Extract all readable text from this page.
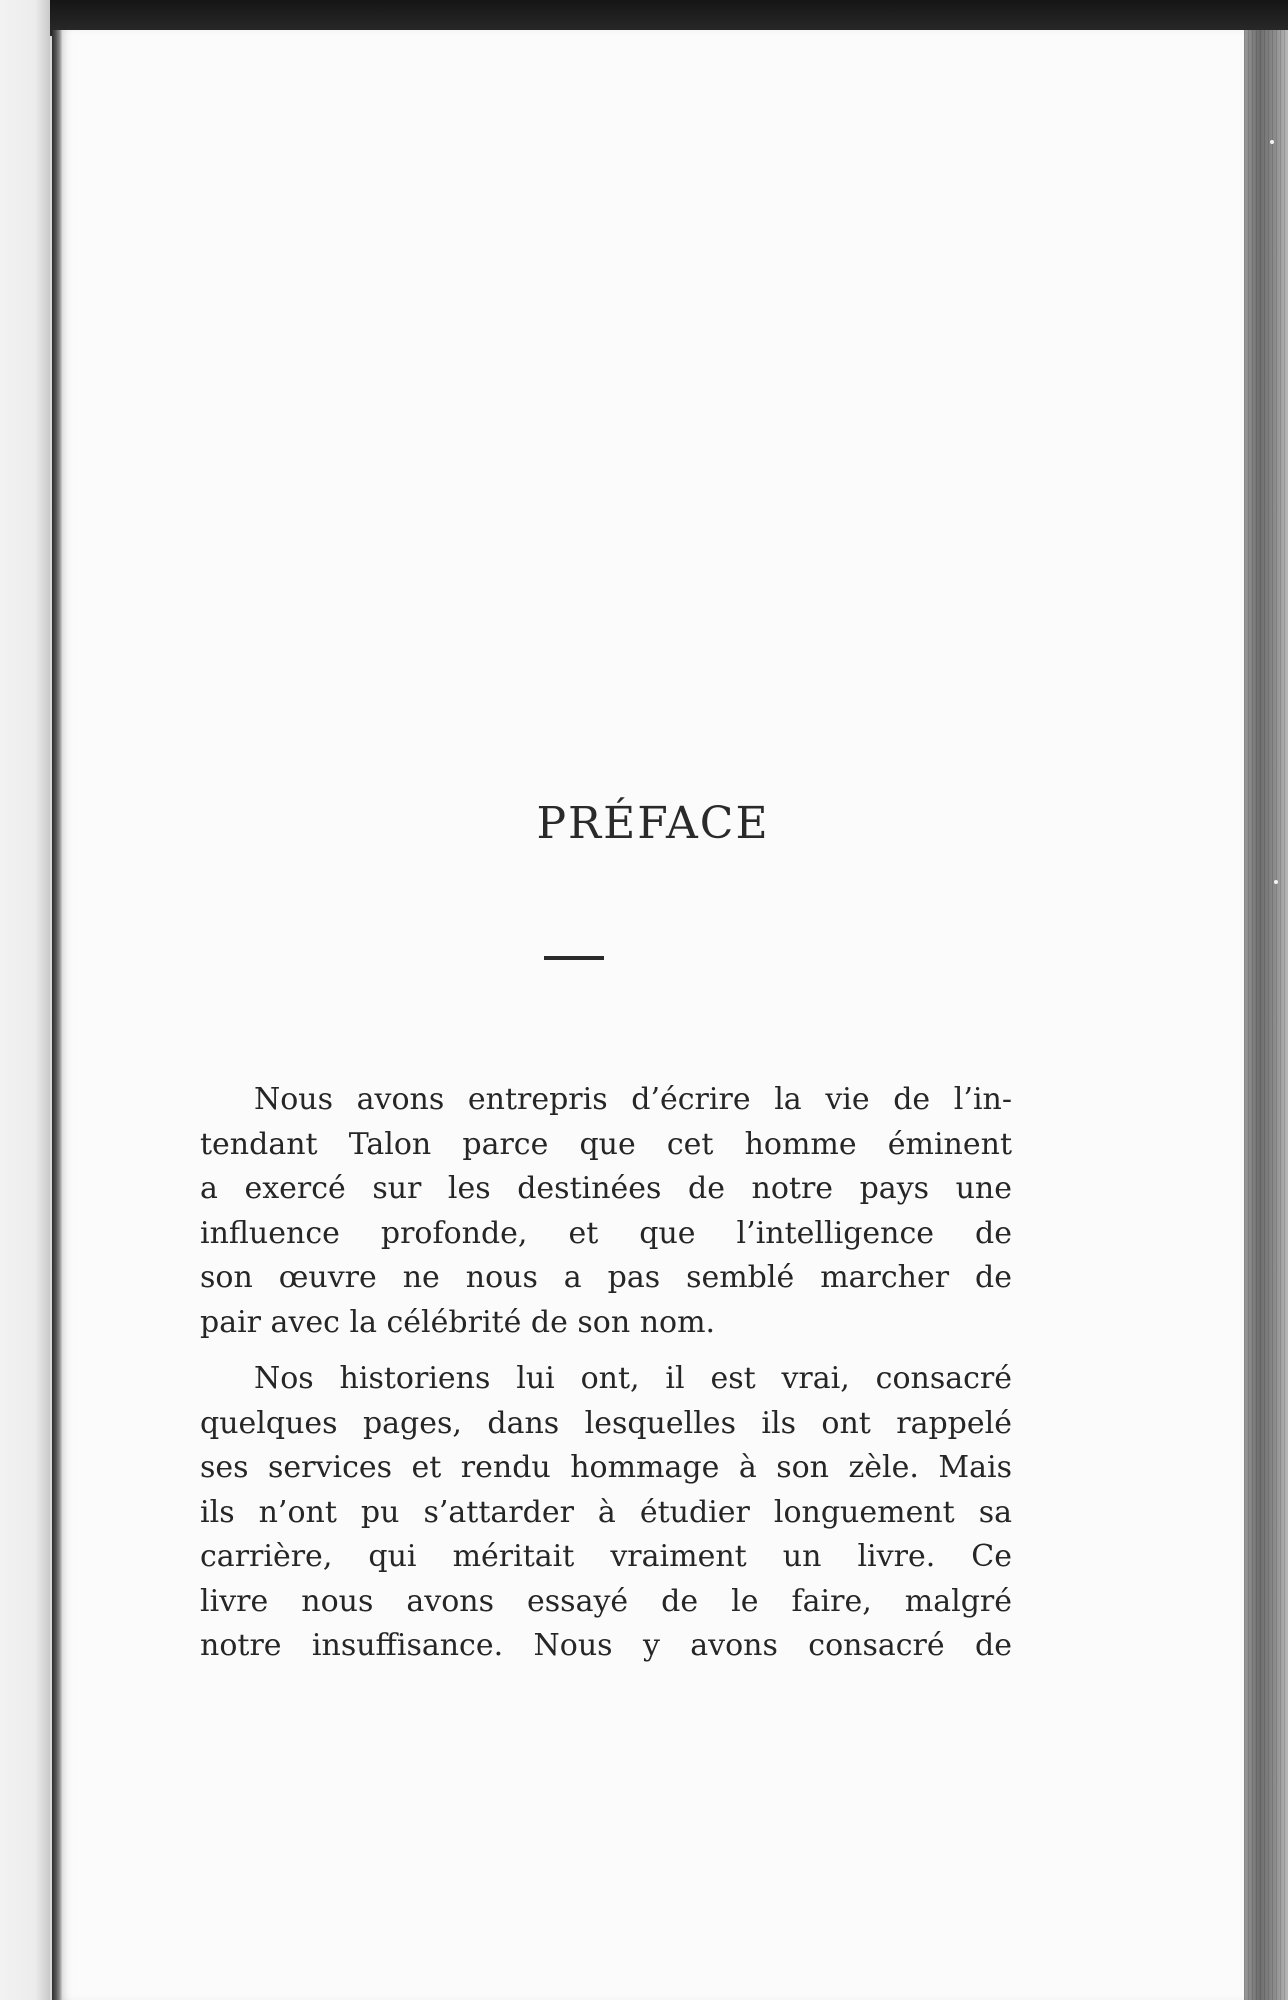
PRÉFACE

Nous avons entrepris d’écrire la vie de l’in-
tendant Talon parce que cet homme éminent
a exercé sur les destinées de notre pays une
influence profonde, et que l’intelligence de
son œuvre ne nous a pas semblé marcher de
pair avec la célébrité de son nom.

Nos historiens lui ont, il est vrai, consacré
quelques pages, dans lesquelles ils ont rappelé
ses services et rendu hommage à son zèle. Mais
ils n’ont pu s’attarder à étudier longuement sa
carrière, qui méritait vraiment un livre. Ce
livre nous avons essayé de le faire, malgré
notre insuffisance. Nous y avons consacré de
